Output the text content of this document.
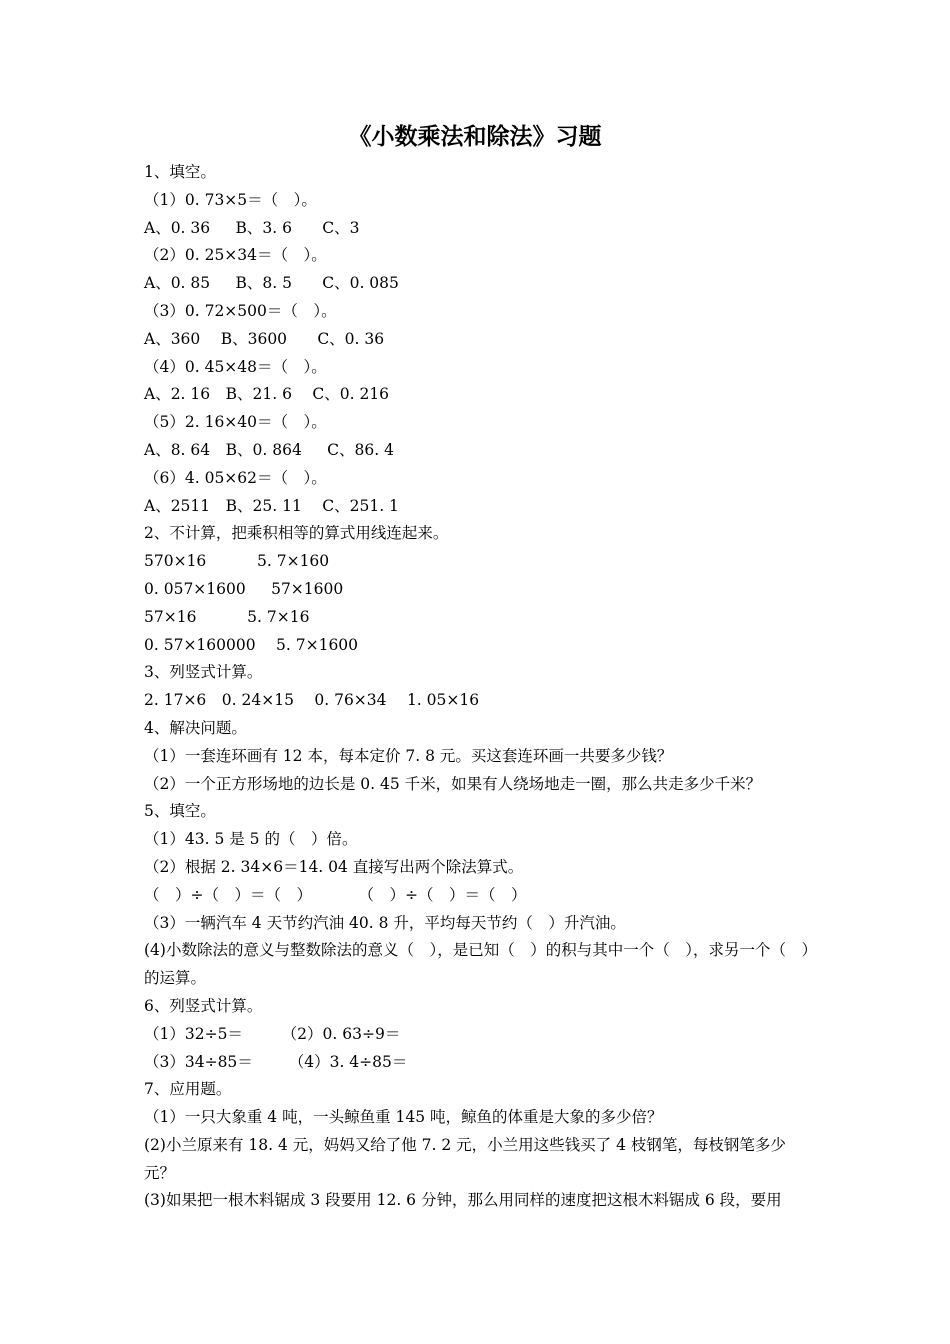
《小数乘法和除法》习题
1、填空。
（1）0. 73×5＝（　）。
A、0. 36　  B、3. 6　   C、3
（2）0. 25×34＝（　）。
A、0. 85　  B、8. 5　   C、0. 085
（3）0. 72×500＝（　）。
A、360　 B、3600　   C、0. 36
（4）0. 45×48＝（　）。
A、2. 16　B、21. 6　 C、0. 216
（5）2. 16×40＝（　）。
A、8. 64　B、0. 864　  C、86. 4
（6）4. 05×62＝（　）。
A、2511　B、25. 11　 C、251. 1
2、不计算，把乘积相等的算式用线连起来。
570×16　　    5. 7×160
0. 057×1600　  57×1600
57×16　　    5. 7×16
0. 57×160000　 5. 7×1600
3、列竖式计算。
2. 17×6　0. 24×15　 0. 76×34　 1. 05×16
4、解决问题。
（1）一套连环画有 12 本，每本定价 7. 8 元。买这套连环画一共要多少钱？
（2）一个正方形场地的边长是 0. 45 千米，如果有人绕场地走一圈，那么共走多少千米？
5、填空。
（1）43. 5 是 5 的（　）倍。
（2）根据 2. 34×6＝14. 04 直接写出两个除法算式。
（　）÷（　）＝（　）　　　　（　）÷（　）＝（　）
（3）一辆汽车 4 天节约汽油 40. 8 升，平均每天节约（　）升汽油。
(4)小数除法的意义与整数除法的意义（　），是已知（　）的积与其中一个（　），求另一个（　）的运算。
6、列竖式计算。
（1）32÷5＝　　　（2）0. 63÷9＝
（3）34÷85＝　　 （4）3. 4÷85＝
7、应用题。
（1）一只大象重 4 吨，一头鲸鱼重 145 吨，鲸鱼的体重是大象的多少倍？
(2)小兰原来有 18. 4 元，妈妈又给了他 7. 2 元，小兰用这些钱买了 4 枝钢笔，每枝钢笔多少元？
(3)如果把一根木料锯成 3 段要用 12. 6 分钟，那么用同样的速度把这根木料锯成 6 段，要用
